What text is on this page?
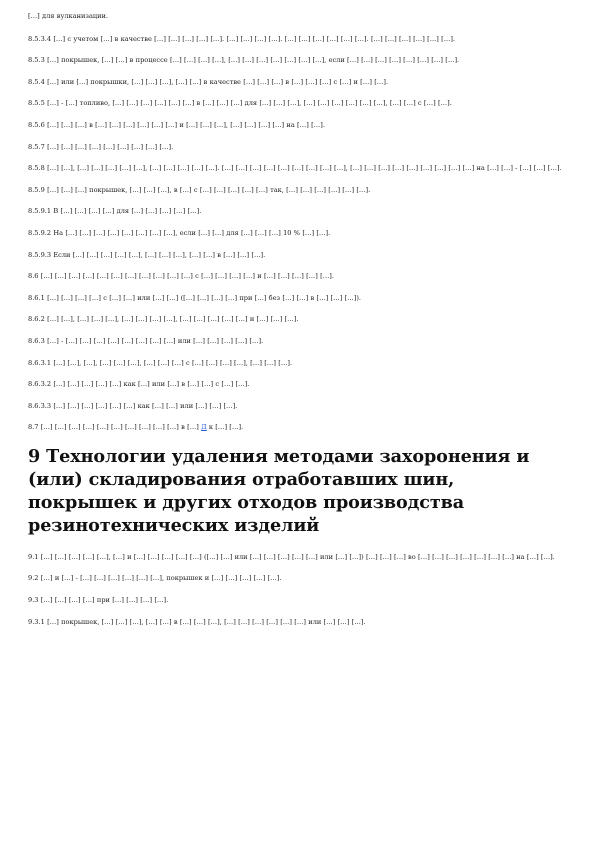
[…] для вулканизации.

8.5.3.4 […] с учетом […] в качестве […] […] […] […] […]. […] […] […] […]. […] […] […] […] […] […]. […] […] […] […] […] […].

8.5.3 […] покрышек, […] […] в процессе […] […] […] […], […] […] […] […] […] […] […], если […] […] […] […] […] […] […] […].

8.5.4 […] или […] покрышки, […] […] […], […] […] в качестве […] […] […] в […] […] […] с […] и […] […].

8.5.5 […] - […] топливо, […] […] […] […] […] […] в […] […] […] для […] […] […], […] […] […] […] […] […], […] […] с […] […].

8.5.6 […] […] […] в […] […] […] […] […] […] и […] […] […], […] […] […] […] на […] […].

8.5.7 […] […] […] […] […] […] […] […] […].

8.5.8 […] […], […] […] […] […] […], […] […] […] […] […]. […] […] […] […] […] […] […] […] […], […] […] […] […] […] […] […] […] […] на […] […] - […] […] […].

8.5.9 […] […] […] покрышек, […] […] […], в […] с […] […] […] […] […] так, […] […] […] […] […] […].

8.5.9.1 В […] […] […] […] для […] […] […] […] […].

8.5.9.2 На […] […] […] […] […] […] […] […], если […] […] для […] […] […] 10 % […] […].

8.5.9.3 Если […] […] […] […] […], […] […] […], […] […] в […] […] […].

8.6 […] […] […] […] […] […] […] […] […] […] […] с […] […] […] […] и […] […] […] […] […].

8.6.1 […] […] […] […] с […] […] или […] […] ([…] […] […] […] при […] без […] […] в […] […] […]).

8.6.2 […] […], […] […] […], […] […] […] […], […] […] […] […] […] и […] […] […].

8.6.3 […] - […] […] […] […] […] […] […] […] или […] […] […] […] […].

8.6.3.1 […] […], […], […] […] […], […] […] […] с […] […] […] […], […] […] […].

8.6.3.2 […] […] […] […] […] как […] или […] в […] […] с […] […].

8.6.3.3 […] […] […] […] […] […] как […] […] или […] […] […].

8.7 […] […] […] […] […] […] […] […] […] […] в […] Д к […] […].

9 Технологии удаления методами захоронения и (или) складирования отработавших шин, покрышек и других отходов производства резинотехнических изделий

9.1 […] […] […] […] […], […] и […] […] […] […] […] ([…] […] или […] […] […] […] […] или […] […]) […] […] […] во […] […] […] […] […] […] […] на […] […].

9.2 […] и […] - […] […] […] […] […] […], покрышек и […] […] […] […] […].

9.3 […] […] […] […] при […] […] […] […].

9.3.1 […] покрышек, […] […] […], […] […] в […] […] […], […] […] […] […] […] […] или […] […] […].
